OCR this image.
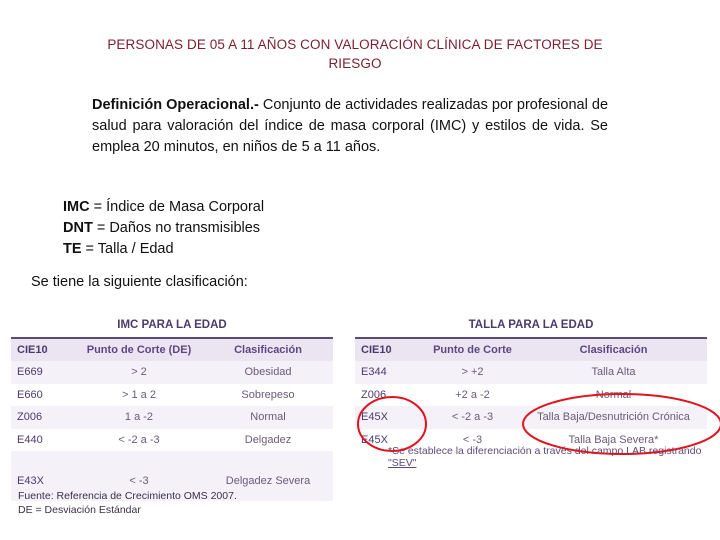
PERSONAS DE 05 A 11 AÑOS CON VALORACIÓN CLÍNICA DE FACTORES DE RIESGO
Definición Operacional.- Conjunto de actividades realizadas por profesional de salud para valoración del índice de masa corporal (IMC) y estilos de vida. Se emplea 20 minutos, en niños de 5 a 11 años.
IMC = Índice de Masa Corporal
DNT = Daños no transmisibles
TE = Talla / Edad
Se tiene la siguiente clasificación:
IMC PARA LA EDAD		
CIE10	Punto de Corte (DE)	Clasificación
E669	> 2	Obesidad
E660	> 1 a 2	Sobrepeso
Z006	1 a -2	Normal
E440	< -2 a -3	Delgadez
E43X	< -3	Delgadez Severa
TALLA PARA LA EDAD		
CIE10	Punto de Corte	Clasificación
E344	> +2	Talla Alta
Z006	+2 a -2	Normal
E45X	< -2 a -3	Talla Baja/Desnutrición Crónica
E45X	< -3	Talla Baja Severa*
*Se establece la diferenciación a través del campo LAB registrando
"SEV"
Fuente: Referencia de Crecimiento OMS 2007.
DE = Desviación Estándar
